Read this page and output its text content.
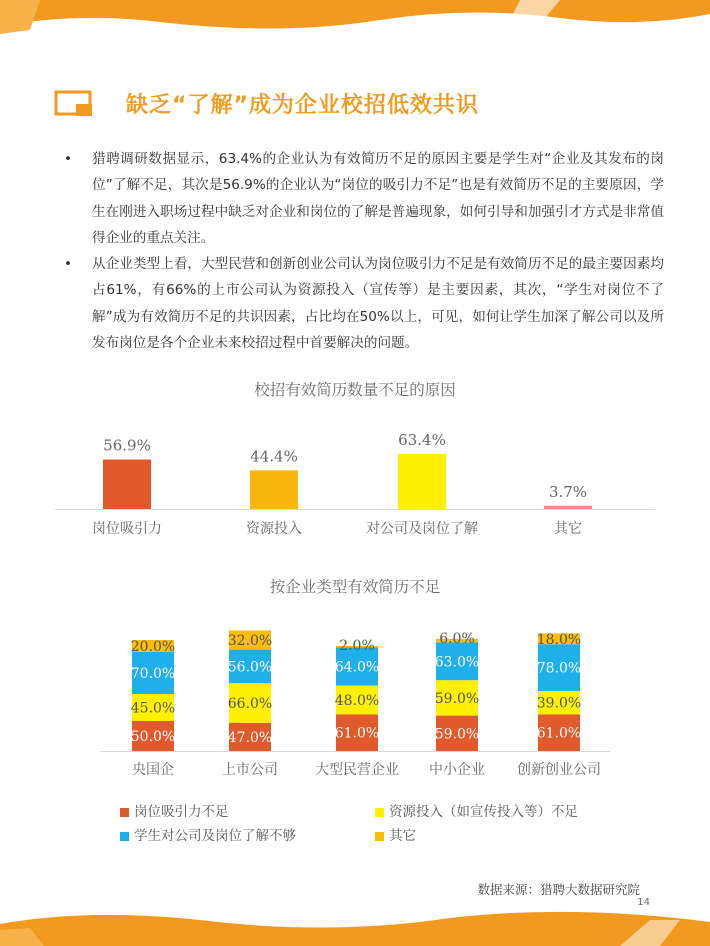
缺乏“了解”成为企业校招低效共识
• 猎聘调研数据显示，63.4%的企业认为有效简历不足的原因主要是学生对“企业及其发布的岗位”了解不足，其次是56.9%的企业认为“岗位的吸引力不足”也是有效简历不足的主要原因，学生在刚进入职场过程中缺乏对企业和岗位的了解是普遍现象，如何引导和加强引才方式是非常值得企业的重点关注。
• 从企业类型上看，大型民营和创新创业公司认为岗位吸引力不足是有效简历不足的最主要因素均占61%，有66%的上市公司认为资源投入（宣传等）是主要因素，其次，“学生对岗位不了解”成为有效简历不足的共识因素，占比均在50%以上，可见，如何让学生加深了解公司以及所发布岗位是各个企业未来校招过程中首要解决的问题。
校招有效简历数量不足的原因
按企业类型有效简历不足
56.9%
岗位吸引力
44.4%
资源投入
63.4%
对公司及岗位了解
3.7%
其它
50.0%
45.0%
70.0%
20.0%
央国企
47.0%
66.0%
56.0%
32.0%
上市公司
61.0%
48.0%
64.0%
2.0%
大型民营企业
59.0%
59.0%
63.0%
6.0%
中小企业
61.0%
39.0%
78.0%
18.0%
创新创业公司
岗位吸引力不足	资源投入（如宣传投入等）不足
学生对公司及岗位了解不够	其它
数据来源：猎聘大数据研究院
14
